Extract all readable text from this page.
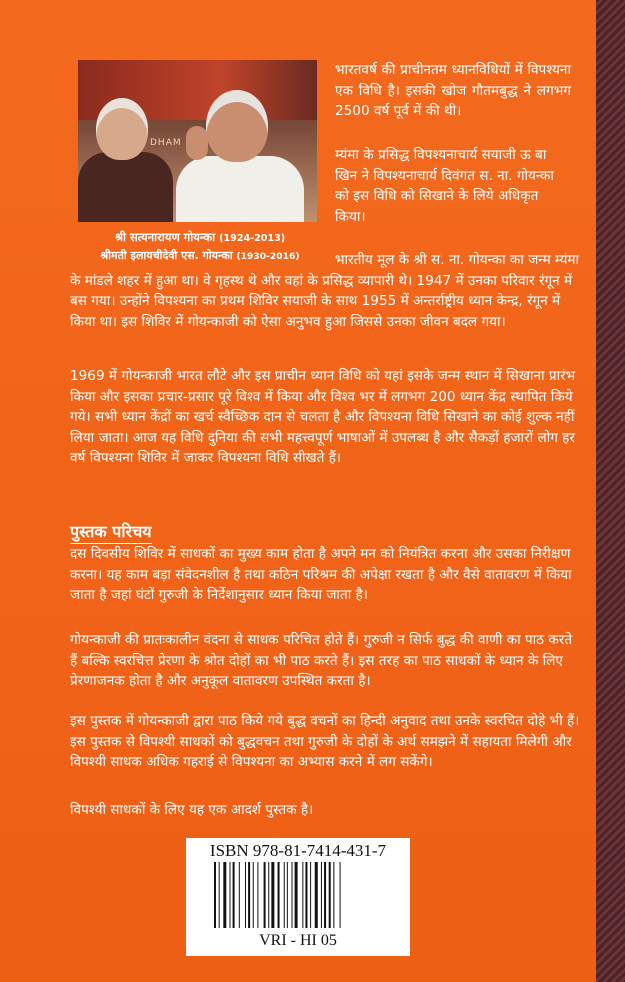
DHAM
श्री सत्यनारायण गोयन्का (1924-2013)
श्रीमती इलायचीदेवी एस. गोयन्का (1930-2016)

भारतवर्ष की प्राचीनतम ध्यानविधियों में विपश्यना एक विधि है। इसकी खोज गौतमबुद्ध ने लगभग 2500 वर्ष पूर्व में की थी।

म्यंमा के प्रसिद्ध विपश्यनाचार्य सयाजी ऊ बा खिन ने विपश्यनाचार्य दिवंगत स. ना. गोयन्का को इस विधि को सिखाने के लिये अधिकृत किया।

भारतीय मूल के श्री स. ना. गोयन्का का जन्म म्यंमा के मांडले शहर में हुआ था। वे गृहस्थ थे और वहां के प्रसिद्ध व्यापारी थे। 1947 में उनका परिवार रंगून में बस गया। उन्होंने विपश्यना का प्रथम शिविर सयाजी के साथ 1955 में अन्तर्राष्ट्रीय ध्यान केन्द्र, रंगून में किया था। इस शिविर में गोयन्काजी को ऐसा अनुभव हुआ जिससे उनका जीवन बदल गया।

1969 में गोयन्काजी भारत लौटे और इस प्राचीन ध्यान विधि को यहां इसके जन्म स्थान में सिखाना प्रारंभ किया और इसका प्रचार-प्रसार पूरे विश्व में किया और विश्व भर में लगभग 200 ध्यान केंद्र स्थापित किये गये। सभी ध्यान केंद्रों का खर्च स्वैच्छिक दान से चलता है और विपश्यना विधि सिखाने का कोई शुल्क नहीं लिया जाता। आज यह विधि दुनिया की सभी महत्त्वपूर्ण भाषाओं में उपलब्ध है और सैकड़ों हजारों लोग हर वर्ष विपश्यना शिविर में जाकर विपश्यना विधि सीखते हैं।

पुस्तक परिचय

दस दिवसीय शिविर में साधकों का मुख्य काम होता है अपने मन को नियंत्रित करना और उसका निरीक्षण करना। यह काम बड़ा संवेदनशील है तथा कठिन परिश्रम की अपेक्षा रखता है और वैसे वातावरण में किया जाता है जहां घंटों गुरुजी के निर्देशानुसार ध्यान किया जाता है।

गोयन्काजी की प्रातःकालीन वंदना से साधक परिचित होते हैं। गुरुजी न सिर्फ बुद्ध की वाणी का पाठ करते हैं बल्कि स्वरचित्त प्रेरणा के श्रोत दोहों का भी पाठ करते हैं। इस तरह का पाठ साधकों के ध्यान के लिए प्रेरणाजनक होता है और अनुकूल वातावरण उपस्थित करता है।

इस पुस्तक में गोयन्काजी द्वारा पाठ किये गये बुद्ध वचनों का हिन्दी अनुवाद तथा उनके स्वरचित दोहे भी हैं। इस पुस्तक से विपश्यी साधकों को बुद्धवचन तथा गुरुजी के दोहों के अर्थ समझने में सहायता मिलेगी और विपश्यी साधक अधिक गहराई से विपश्यना का अभ्यास करने में लग सकेंगे।

विपश्यी साधकों के लिए यह एक आदर्श पुस्तक है।

ISBN 978-81-7414-431-7
VRI - HI 05
